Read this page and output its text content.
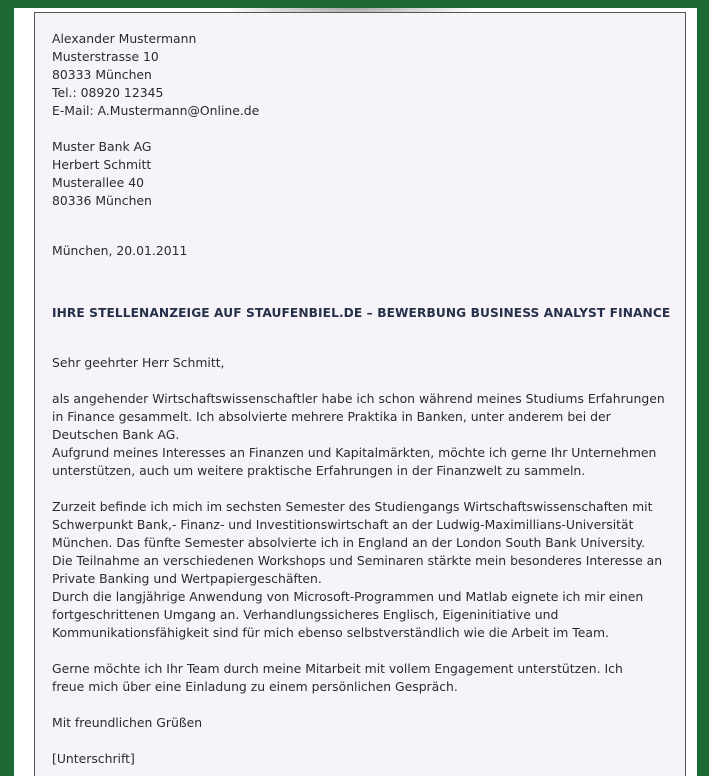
Alexander Mustermann

Musterstrasse 10

80333 München

Tel.: 08920 12345

E-Mail: A.Mustermann@Online.de

Muster Bank AG

Herbert Schmitt

Musterallee 40

80336 München

München, 20.01.2011

IHRE STELLENANZEIGE AUF STAUFENBIEL.DE – BEWERBUNG BUSINESS ANALYST FINANCE

Sehr geehrter Herr Schmitt,

als angehender Wirtschaftswissenschaftler habe ich schon während meines Studiums Erfahrungen

in Finance gesammelt. Ich absolvierte mehrere Praktika in Banken, unter anderem bei der

Deutschen Bank AG.

Aufgrund meines Interesses an Finanzen und Kapitalmärkten, möchte ich gerne Ihr Unternehmen

unterstützen, auch um weitere praktische Erfahrungen in der Finanzwelt zu sammeln.

Zurzeit befinde ich mich im sechsten Semester des Studiengangs Wirtschaftswissenschaften mit

Schwerpunkt Bank,- Finanz- und Investitionswirtschaft an der Ludwig-Maximillians-Universität

München. Das fünfte Semester absolvierte ich in England an der London South Bank University.

Die Teilnahme an verschiedenen Workshops und Seminaren stärkte mein besonderes Interesse an

Private Banking und Wertpapiergeschäften.

Durch die langjährige Anwendung von Microsoft-Programmen und Matlab eignete ich mir einen

fortgeschrittenen Umgang an. Verhandlungssicheres Englisch, Eigeninitiative und

Kommunikationsfähigkeit sind für mich ebenso selbstverständlich wie die Arbeit im Team.

Gerne möchte ich Ihr Team durch meine Mitarbeit mit vollem Engagement unterstützen. Ich

freue mich über eine Einladung zu einem persönlichen Gespräch.

Mit freundlichen Grüßen

[Unterschrift]
